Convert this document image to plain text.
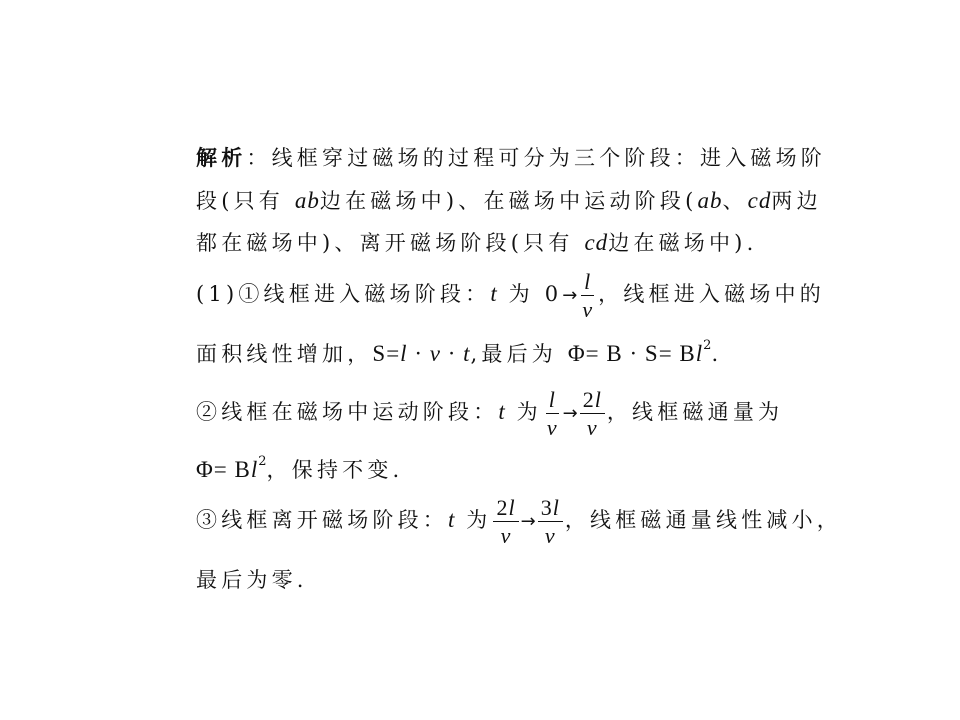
解析：线框穿过磁场的过程可分为三个阶段：进入磁场阶
段(只有 ab边在磁场中)、在磁场中运动阶段(ab、cd两边
都在磁场中)、离开磁场阶段(只有 cd边在磁场中).
(1)①线框进入磁场阶段：t 为 $0\to \frac{l}{v}$ ，线框进入磁场中的
面积线性增加，S=l · v · t,最后为 $\Phi= B \cdot S= Bl^2$.
②线框在磁场中运动阶段：t 为 $\frac{l}{v} \to \frac{2l}{v}$ ，线框磁通量为
$\Phi= Bl^2$，保持不变.
③线框离开磁场阶段：t 为 $\frac{2l}{v} \to \frac{3l}{v}$ ，线框磁通量线性减小，
最后为零.
